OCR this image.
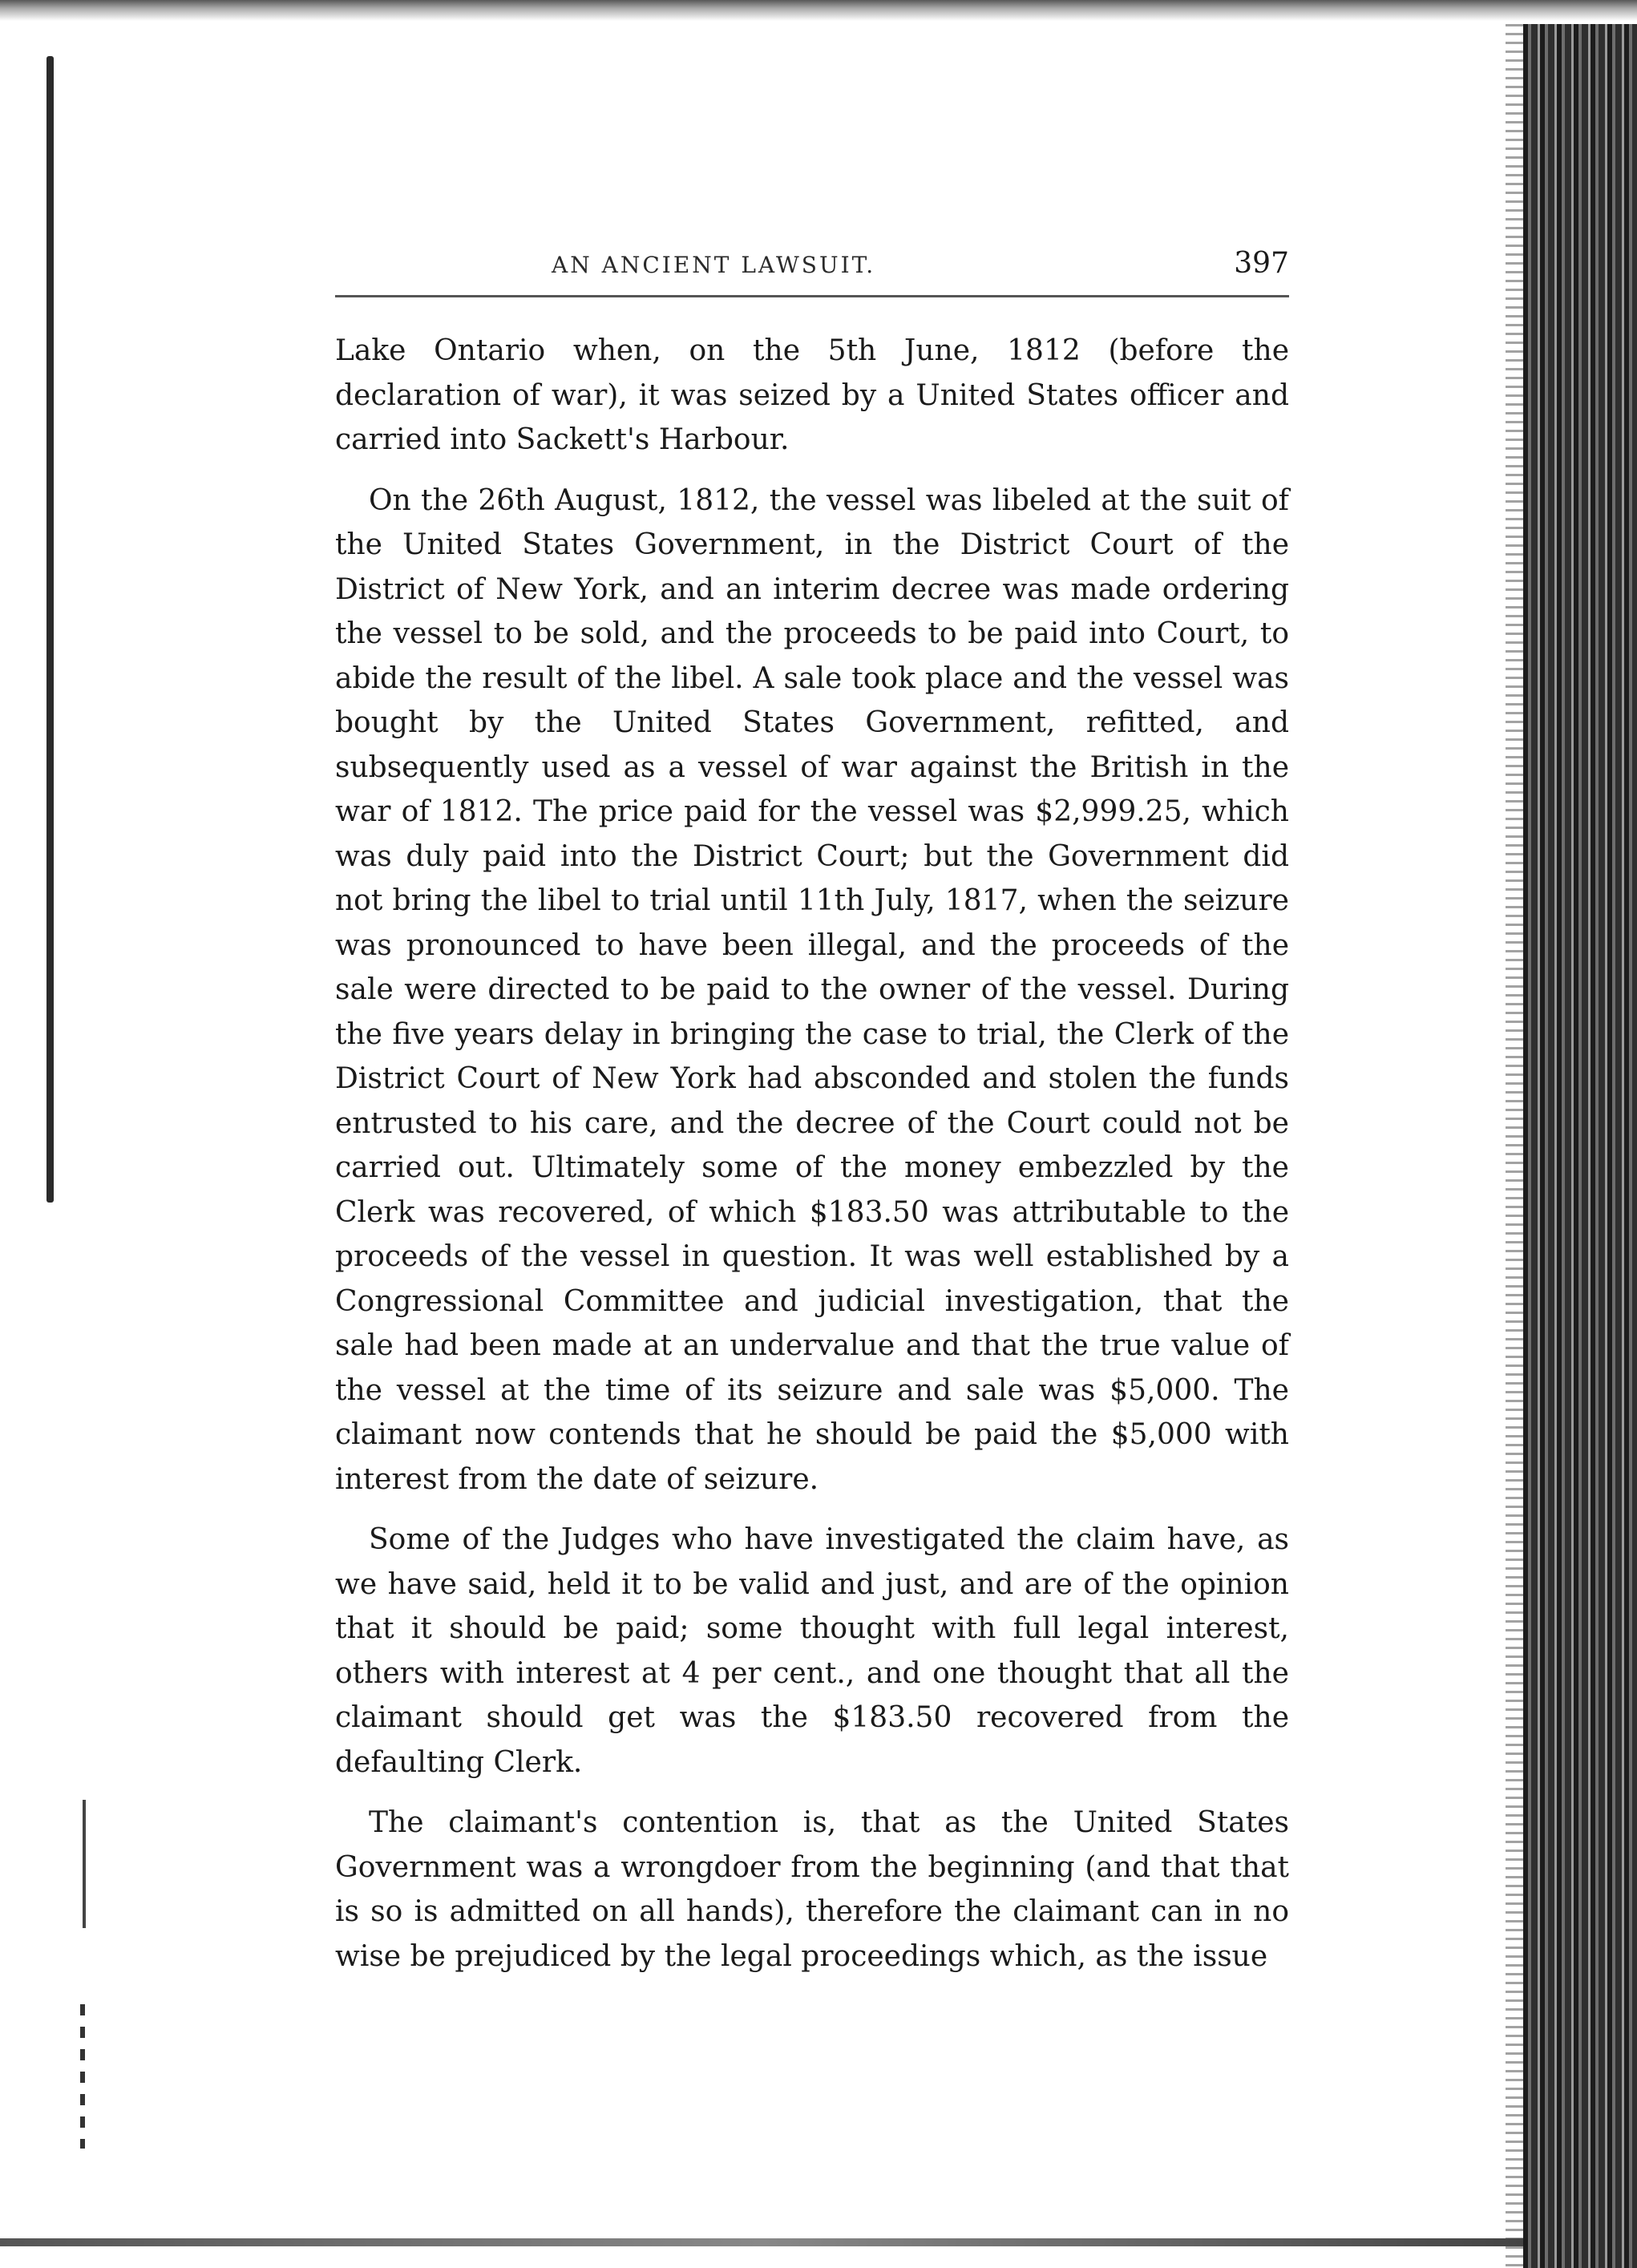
AN ANCIENT LAWSUIT.	397

Lake Ontario when, on the 5th June, 1812 (before the declaration of war), it was seized by a United States officer and carried into Sackett's Harbour.

On the 26th August, 1812, the vessel was libeled at the suit of the United States Government, in the District Court of the District of New York, and an interim decree was made ordering the vessel to be sold, and the proceeds to be paid into Court, to abide the result of the libel. A sale took place and the vessel was bought by the United States Government, refitted, and subsequently used as a vessel of war against the British in the war of 1812. The price paid for the vessel was $2,999.25, which was duly paid into the District Court; but the Government did not bring the libel to trial until 11th July, 1817, when the seizure was pronounced to have been illegal, and the proceeds of the sale were directed to be paid to the owner of the vessel. During the five years delay in bringing the case to trial, the Clerk of the District Court of New York had absconded and stolen the funds entrusted to his care, and the decree of the Court could not be carried out. Ultimately some of the money embezzled by the Clerk was recovered, of which $183.50 was attributable to the proceeds of the vessel in question. It was well established by a Congressional Committee and judicial investigation, that the sale had been made at an undervalue and that the true value of the vessel at the time of its seizure and sale was $5,000. The claimant now contends that he should be paid the $5,000 with interest from the date of seizure.

Some of the Judges who have investigated the claim have, as we have said, held it to be valid and just, and are of the opinion that it should be paid; some thought with full legal interest, others with interest at 4 per cent., and one thought that all the claimant should get was the $183.50 recovered from the defaulting Clerk.

The claimant's contention is, that as the United States Government was a wrongdoer from the beginning (and that that is so is admitted on all hands), therefore the claimant can in no wise be prejudiced by the legal proceedings which, as the issue
